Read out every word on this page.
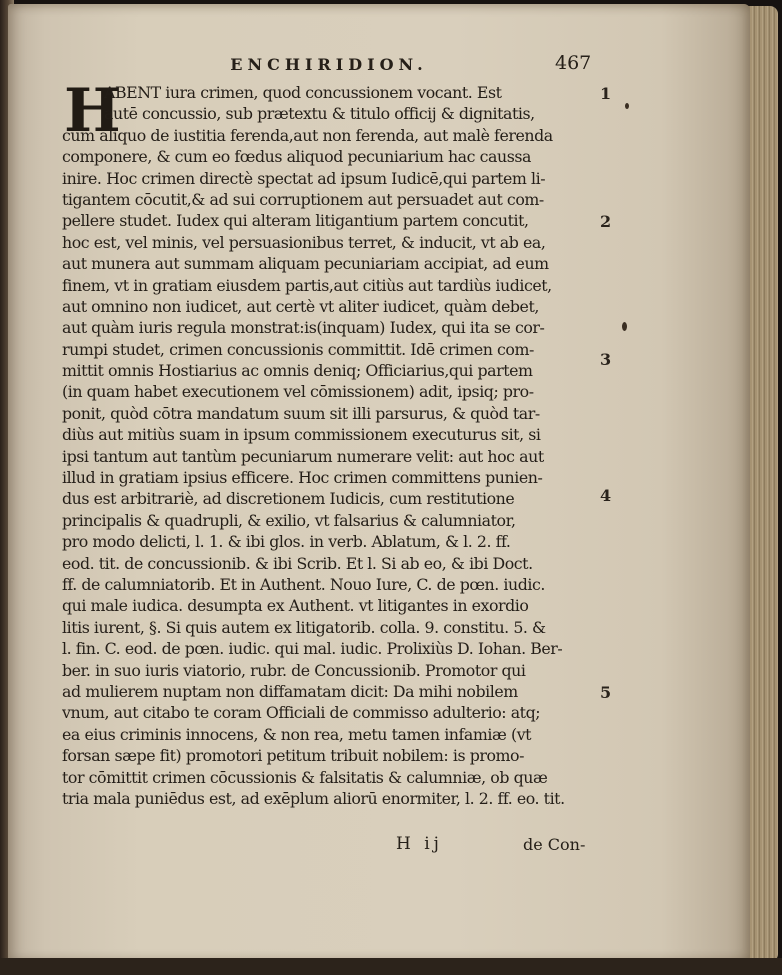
ENCHIRIDION.	467
H
ABENT iura crimen, quod concussionem vocant. Est
autē concussio, sub prætextu & titulo officij & dignitatis,
cum aliquo de iustitia ferenda,aut non ferenda, aut malè ferenda
componere, & cum eo fœdus aliquod pecuniarium hac caussa
inire. Hoc crimen directè spectat ad ipsum Iudicē,qui partem li-
tigantem cōcutit,& ad sui corruptionem aut persuadet aut com-
pellere studet. Iudex qui alteram litigantium partem concutit,
hoc est, vel minis, vel persuasionibus terret, & inducit, vt ab ea,
aut munera aut summam aliquam pecuniariam accipiat, ad eum
finem, vt in gratiam eiusdem partis,aut citiùs aut tardiùs iudicet,
aut omnino non iudicet, aut certè vt aliter iudicet, quàm debet,
aut quàm iuris regula monstrat:is(inquam) Iudex, qui ita se cor-
rumpi studet, crimen concussionis committit. Idē crimen com-
mittit omnis Hostiarius ac omnis deniq; Officiarius,qui partem
(in quam habet executionem vel cōmissionem) adit, ipsiq; pro-
ponit, quòd cōtra mandatum suum sit illi parsurus, & quòd tar-
diùs aut mitiùs suam in ipsum commissionem executurus sit, si
ipsi tantum aut tantùm pecuniarum numerare velit: aut hoc aut
illud in gratiam ipsius efficere. Hoc crimen committens punien-
dus est arbitrariè, ad discretionem Iudicis, cum restitutione
principalis & quadrupli, & exilio, vt falsarius & calumniator,
pro modo delicti, l. 1. & ibi glos. in verb. Ablatum, & l. 2. ff.
eod. tit. de concussionib. & ibi Scrib. Et l. Si ab eo, & ibi Doct.
ff. de calumniatorib. Et in Authent. Nouo Iure, C. de pœn. iudic.
qui male iudica. desumpta ex Authent. vt litigantes in exordio
litis iurent, §. Si quis autem ex litigatorib. colla. 9. constitu. 5. &
l. fin. C. eod. de pœn. iudic. qui mal. iudic. Prolixiùs D. Iohan. Ber-
ber. in suo iuris viatorio, rubr. de Concussionib. Promotor qui
ad mulierem nuptam non diffamatam dicit: Da mihi nobilem
vnum, aut citabo te coram Officiali de commisso adulterio: atq;
ea eius criminis innocens, & non rea, metu tamen infamiæ (vt
forsan sæpe fit) promotori petitum tribuit nobilem: is promo-
tor cōmittit crimen cōcussionis & falsitatis & calumniæ, ob quæ
tria mala puniēdus est, ad exēplum aliorū enormiter, l. 2. ff. eo. tit.
1
2
3
4
5
H ij	de Con-
